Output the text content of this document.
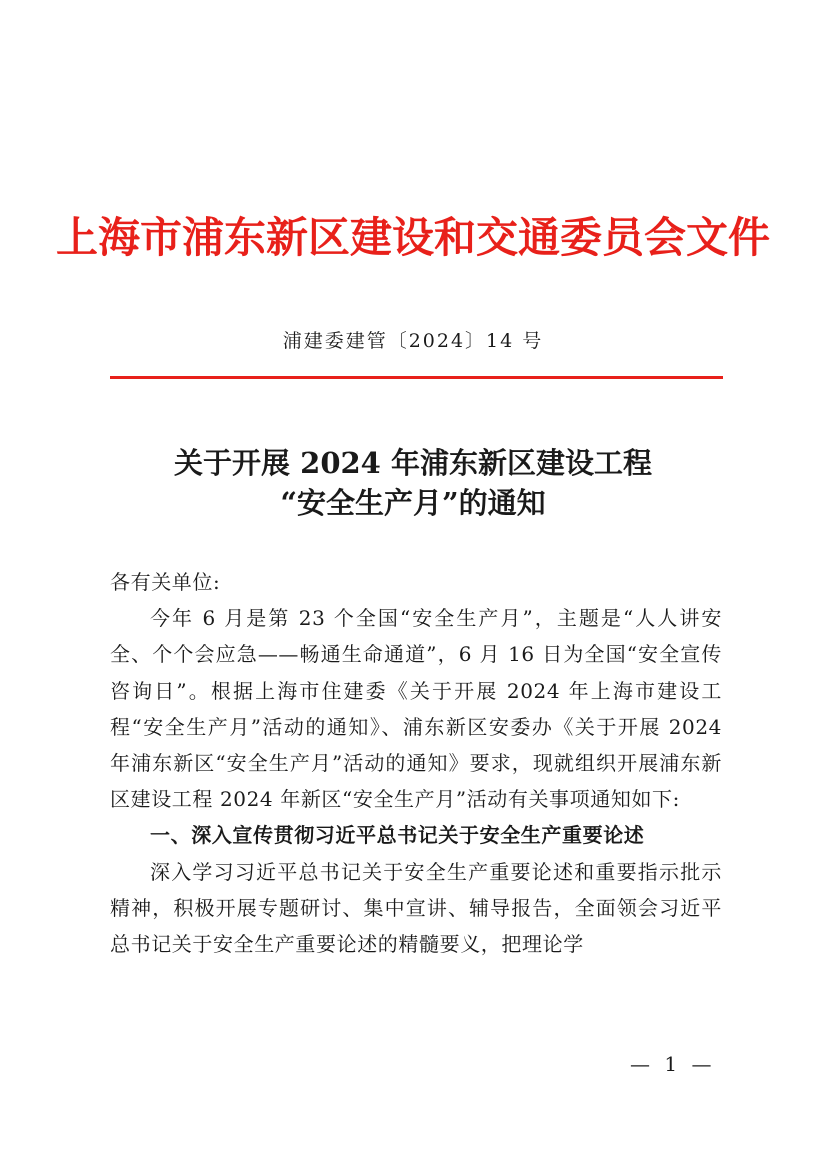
上海市浦东新区建设和交通委员会文件
浦建委建管〔2024〕14 号
关于开展 2024 年浦东新区建设工程
“安全生产月”的通知

各有关单位:

今年 6 月是第 23 个全国“安全生产月”，主题是“人人讲安全、个个会应急——畅通生命通道”，6 月 16 日为全国“安全宣传咨询日”。根据上海市住建委《关于开展 2024 年上海市建设工程“安全生产月”活动的通知》、浦东新区安委办《关于开展 2024 年浦东新区“安全生产月”活动的通知》要求，现就组织开展浦东新区建设工程 2024 年新区“安全生产月”活动有关事项通知如下:

一、深入宣传贯彻习近平总书记关于安全生产重要论述

深入学习习近平总书记关于安全生产重要论述和重要指示批示精神，积极开展专题研讨、集中宣讲、辅导报告，全面领会习近平总书记关于安全生产重要论述的精髓要义，把理论学

— 1 —
